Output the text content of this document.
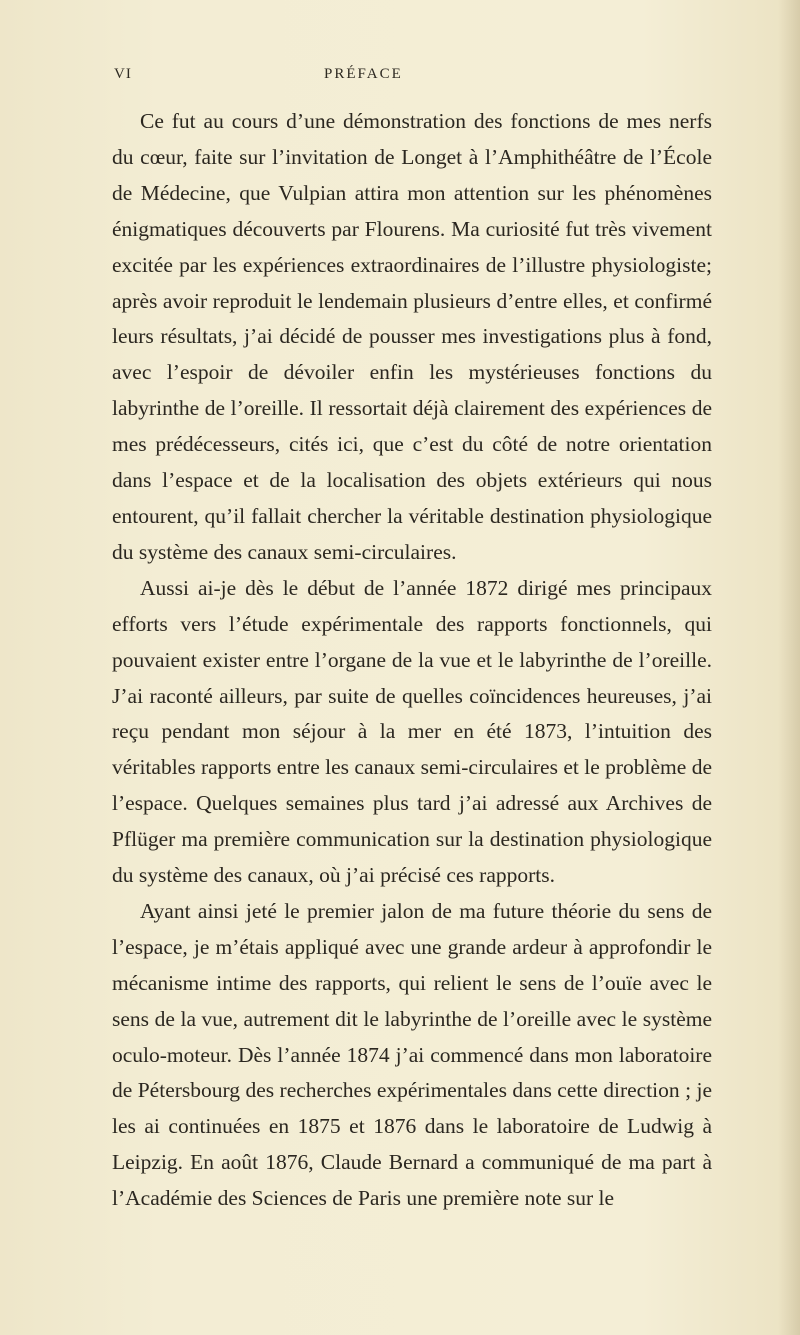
VI	PRÉFACE

Ce fut au cours d’une démonstration des fonctions de mes nerfs du cœur, faite sur l’invitation de Longet à l’Amphithéâtre de l’École de Médecine, que Vulpian attira mon attention sur les phénomènes énigmatiques découverts par Flourens. Ma curiosité fut très vivement excitée par les expériences extraordinaires de l’illustre physiologiste; après avoir reproduit le lendemain plusieurs d’entre elles, et confirmé leurs résultats, j’ai décidé de pousser mes investigations plus à fond, avec l’espoir de dévoiler enfin les mystérieuses fonctions du labyrinthe de l’oreille. Il ressortait déjà clairement des expériences de mes prédécesseurs, cités ici, que c’est du côté de notre orientation dans l’espace et de la localisation des objets extérieurs qui nous entourent, qu’il fallait chercher la véritable destination physiologique du système des canaux semi-circulaires.

Aussi ai-je dès le début de l’année 1872 dirigé mes principaux efforts vers l’étude expérimentale des rapports fonctionnels, qui pouvaient exister entre l’organe de la vue et le labyrinthe de l’oreille. J’ai raconté ailleurs, par suite de quelles coïncidences heureuses, j’ai reçu pendant mon séjour à la mer en été 1873, l’intuition des véritables rapports entre les canaux semi-circulaires et le problème de l’espace. Quelques semaines plus tard j’ai adressé aux Archives de Pflüger ma première communication sur la destination physiologique du système des canaux, où j’ai précisé ces rapports.

Ayant ainsi jeté le premier jalon de ma future théorie du sens de l’espace, je m’étais appliqué avec une grande ardeur à approfondir le mécanisme intime des rapports, qui relient le sens de l’ouïe avec le sens de la vue, autrement dit le labyrinthe de l’oreille avec le système oculo-moteur. Dès l’année 1874 j’ai commencé dans mon laboratoire de Pétersbourg des recherches expérimentales dans cette direction ; je les ai continuées en 1875 et 1876 dans le laboratoire de Ludwig à Leipzig. En août 1876, Claude Bernard a communiqué de ma part à l’Académie des Sciences de Paris une première note sur le
